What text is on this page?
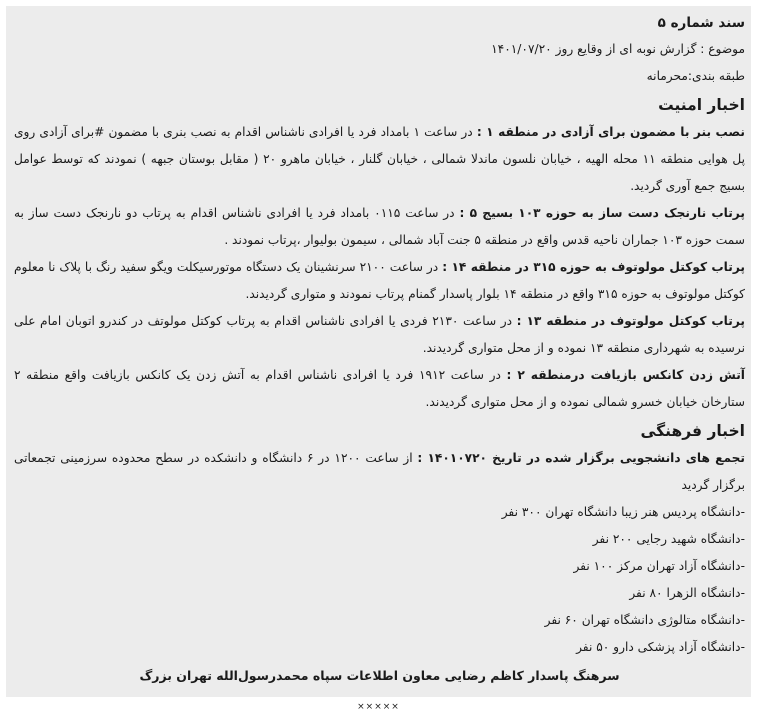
سند شماره ۵
موضوع : گزارش نوبه ای از وقایع روز ۱۴۰۱/۰۷/۲۰
طبقه بندی:محرمانه
اخبار امنیت
نصب بنر با مضمون برای آزادی در منطقه ۱ : در ساعت ۱ بامداد فرد یا افرادی ناشناس اقدام به نصب بنری با مضمون #برای آزادی روی پل هوایی منطقه ۱۱ محله الهیه ، خیابان نلسون ماندلا شمالی ، خیابان گلنار ، خیابان ماهرو ۲۰ ( مقابل بوستان جبهه ) نمودند که توسط عوامل بسیج جمع آوری گردید.
پرتاب نارنجک دست ساز به حوزه ۱۰۳ بسیج ۵ : در ساعت ۰۱۱۵ بامداد فرد یا افرادی ناشناس اقدام به پرتاب دو نارنجک دست ساز به سمت حوزه ۱۰۳ جماران ناحیه قدس واقع در منطقه ۵ جنت آباد شمالی ، سیمون بولیوار ،پرتاب نمودند .
پرتاب کوکتل مولوتوف به حوزه ۳۱۵ در منطقه ۱۴ : در ساعت ۲۱۰۰ سرنشینان یک دستگاه موتورسیکلت ویگو سفید رنگ با پلاک نا معلوم کوکتل مولوتوف به حوزه ۳۱۵ واقع در منطقه ۱۴ بلوار پاسدار گمنام پرتاب نمودند و متواری گردیدند.
پرتاب کوکتل مولوتوف در منطقه ۱۳ : در ساعت ۲۱۳۰ فردی یا افرادی ناشناس اقدام به پرتاب کوکتل مولوتف در کندرو اتوبان امام علی نرسیده به شهرداری منطقه ۱۳ نموده و از محل متواری گردیدند.
آتش زدن کانکس بازیافت درمنطقه ۲ : در ساعت ۱۹۱۲ فرد یا افرادی ناشناس اقدام به آتش زدن یک کانکس بازیافت واقع منطقه ۲ ستارخان خیابان خسرو شمالی نموده و از محل متواری گردیدند.
اخبار فرهنگی
تجمع های دانشجویی برگزار شده در تاریخ ۱۴۰۱۰۷۲۰ : از ساعت ۱۲۰۰ در ۶ دانشگاه و دانشکده در سطح محدوده سرزمینی تجمعاتی برگزار گردید
-دانشگاه پردیس هنر زیبا دانشگاه تهران ۳۰۰ نفر
-دانشگاه شهید رجایی ۲۰۰ نفر
-دانشگاه آزاد تهران مرکز ۱۰۰ نفر
-دانشگاه الزهرا ۸۰ نفر
-دانشگاه متالوژی دانشگاه تهران ۶۰ نفر
-دانشگاه آزاد پزشکی دارو ۵۰ نفر
سرهنگ پاسدار کاظم رضایی معاون اطلاعات سپاه محمدرسول‌الله تهران بزرگ
×××××
